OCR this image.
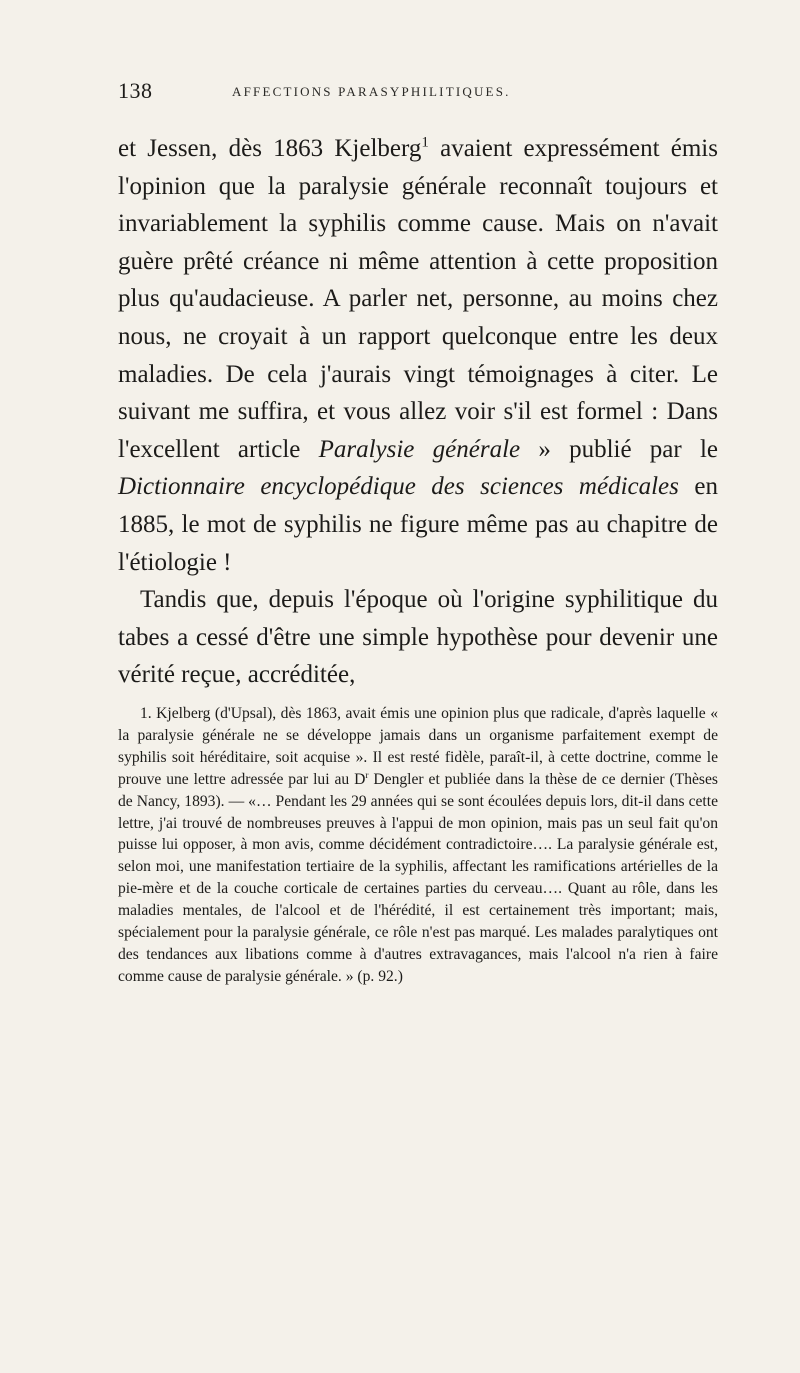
138	AFFECTIONS PARASYPHILITIQUES.
et Jessen, dès 1863 Kjelberg$^1$ avaient expressément émis l'opinion que la paralysie générale reconnaît toujours et invariablement la syphilis comme cause. Mais on n'avait guère prêté créance ni même attention à cette proposition plus qu'audacieuse. A parler net, personne, au moins chez nous, ne croyait à un rapport quelconque entre les deux maladies. De cela j'aurais vingt témoignages à citer. Le suivant me suffira, et vous allez voir s'il est formel : Dans l'excellent article Paralysie générale » publié par le Dictionnaire encyclopédique des sciences médicales en 1885, le mot de syphilis ne figure même pas au chapitre de l'étiologie !
Tandis que, depuis l'époque où l'origine syphilitique du tabes a cessé d'être une simple hypothèse pour devenir une vérité reçue, accréditée,
1. Kjelberg (d'Upsal), dès 1863, avait émis une opinion plus que radicale, d'après laquelle « la paralysie générale ne se développe jamais dans un organisme parfaitement exempt de syphilis soit héréditaire, soit acquise ». Il est resté fidèle, paraît-il, à cette doctrine, comme le prouve une lettre adressée par lui au $D^r$ Dengler et publiée dans la thèse de ce dernier (Thèses de Nancy, 1893). — «… Pendant les 29 années qui se sont écoulées depuis lors, dit-il dans cette lettre, j'ai trouvé de nombreuses preuves à l'appui de mon opinion, mais pas un seul fait qu'on puisse lui opposer, à mon avis, comme décidément contradictoire…. La paralysie générale est, selon moi, une manifestation tertiaire de la syphilis, affectant les ramifications artérielles de la pie-mère et de la couche corticale de certaines parties du cerveau…. Quant au rôle, dans les maladies mentales, de l'alcool et de l'hérédité, il est certainement très important; mais, spécialement pour la paralysie générale, ce rôle n'est pas marqué. Les malades paralytiques ont des tendances aux libations comme à d'autres extravagances, mais l'alcool n'a rien à faire comme cause de paralysie générale. » (p. 92.)
